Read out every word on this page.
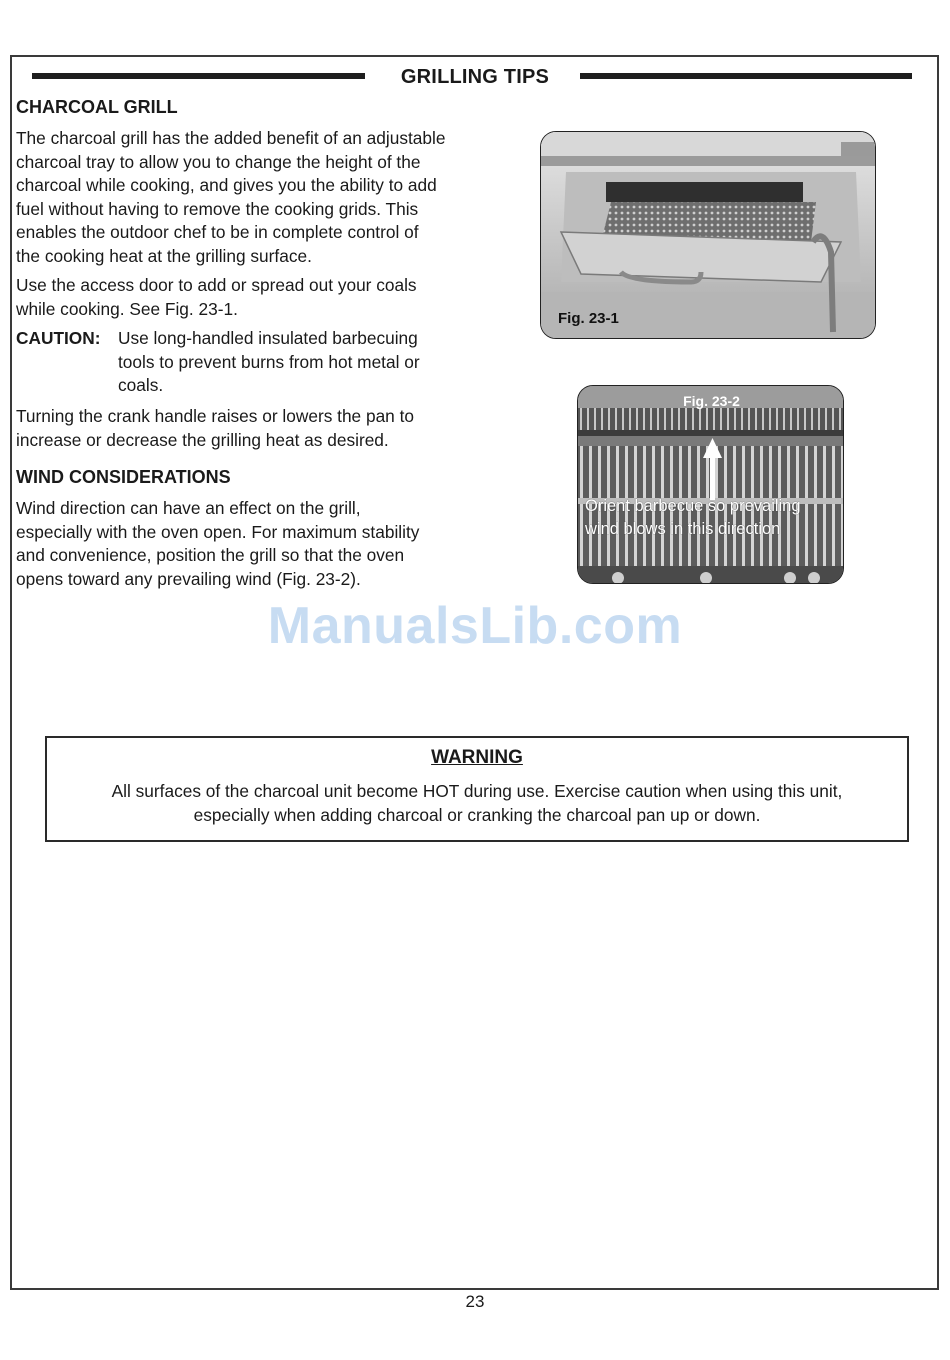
GRILLING TIPS
CHARCOAL GRILL
The charcoal grill has the added benefit of an adjustable
charcoal tray to allow you to change the height of the
charcoal while cooking, and gives you the ability to add
fuel without having to remove the cooking grids. This
enables the outdoor chef to be in complete control of
the cooking heat at the grilling surface.
Use the access door to add or spread out your coals
while cooking. See Fig. 23-1.
CAUTION: Use long-handled insulated barbecuing
tools to prevent burns from hot metal or
coals.
Turning the crank handle raises or lowers the pan to
increase or decrease the grilling heat as desired.
WIND CONSIDERATIONS
Wind direction can have an effect on the grill,
especially with the oven open. For maximum stability
and convenience, position the grill so that the oven
opens toward any prevailing wind (Fig. 23-2).
Fig. 23-1
Fig. 23-2
Orient barbecue so prevailing
wind blows in this direction
ManualsLib.com
WARNING
All surfaces of the charcoal unit become HOT during use. Exercise caution when using this unit,
especially when adding charcoal or cranking the charcoal pan up or down.
23
